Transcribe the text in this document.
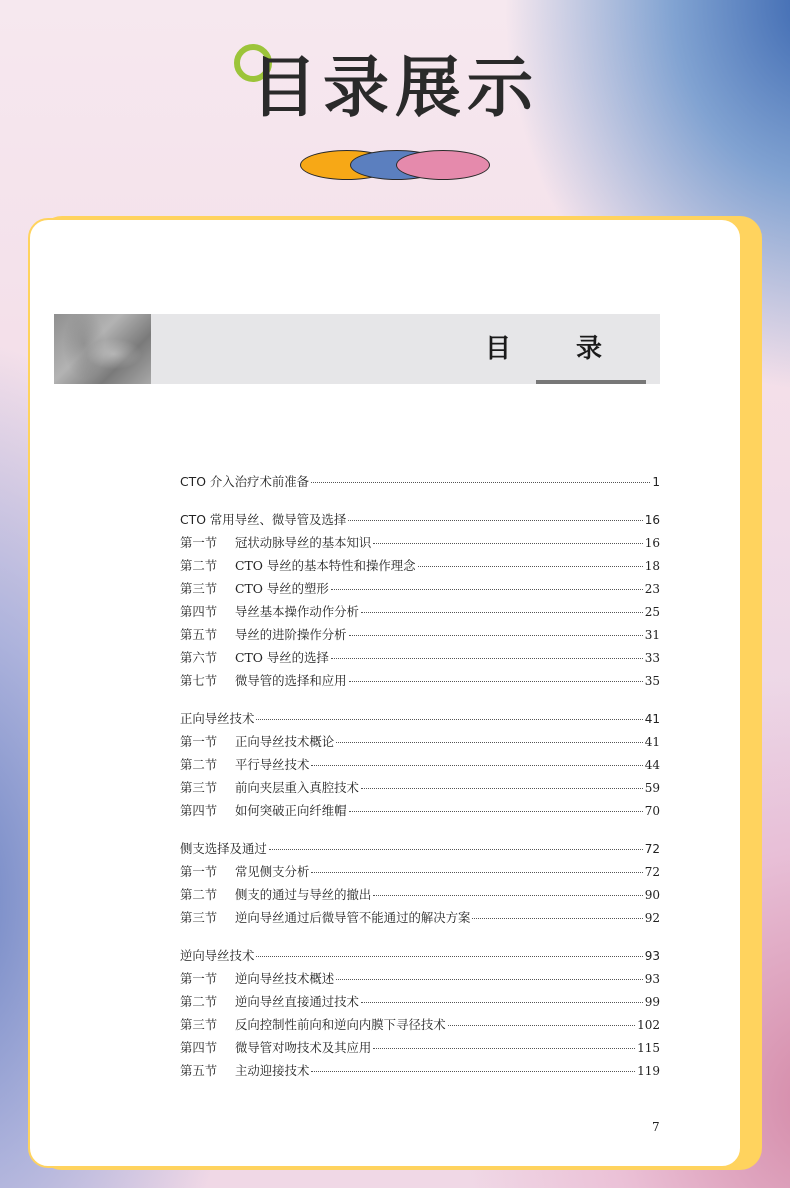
目录展示
目 录
CTO 介入治疗术前准备	1
CTO 常用导丝、微导管及选择	16
第一节	冠状动脉导丝的基本知识	16
第二节	CTO 导丝的基本特性和操作理念	18
第三节	CTO 导丝的塑形	23
第四节	导丝基本操作动作分析	25
第五节	导丝的进阶操作分析	31
第六节	CTO 导丝的选择	33
第七节	微导管的选择和应用	35
正向导丝技术	41
第一节	正向导丝技术概论	41
第二节	平行导丝技术	44
第三节	前向夹层重入真腔技术	59
第四节	如何突破正向纤维帽	70
侧支选择及通过	72
第一节	常见侧支分析	72
第二节	侧支的通过与导丝的撤出	90
第三节	逆向导丝通过后微导管不能通过的解决方案	92
逆向导丝技术	93
第一节	逆向导丝技术概述	93
第二节	逆向导丝直接通过技术	99
第三节	反向控制性前向和逆向内膜下寻径技术	102
第四节	微导管对吻技术及其应用	115
第五节	主动迎接技术	119
7
